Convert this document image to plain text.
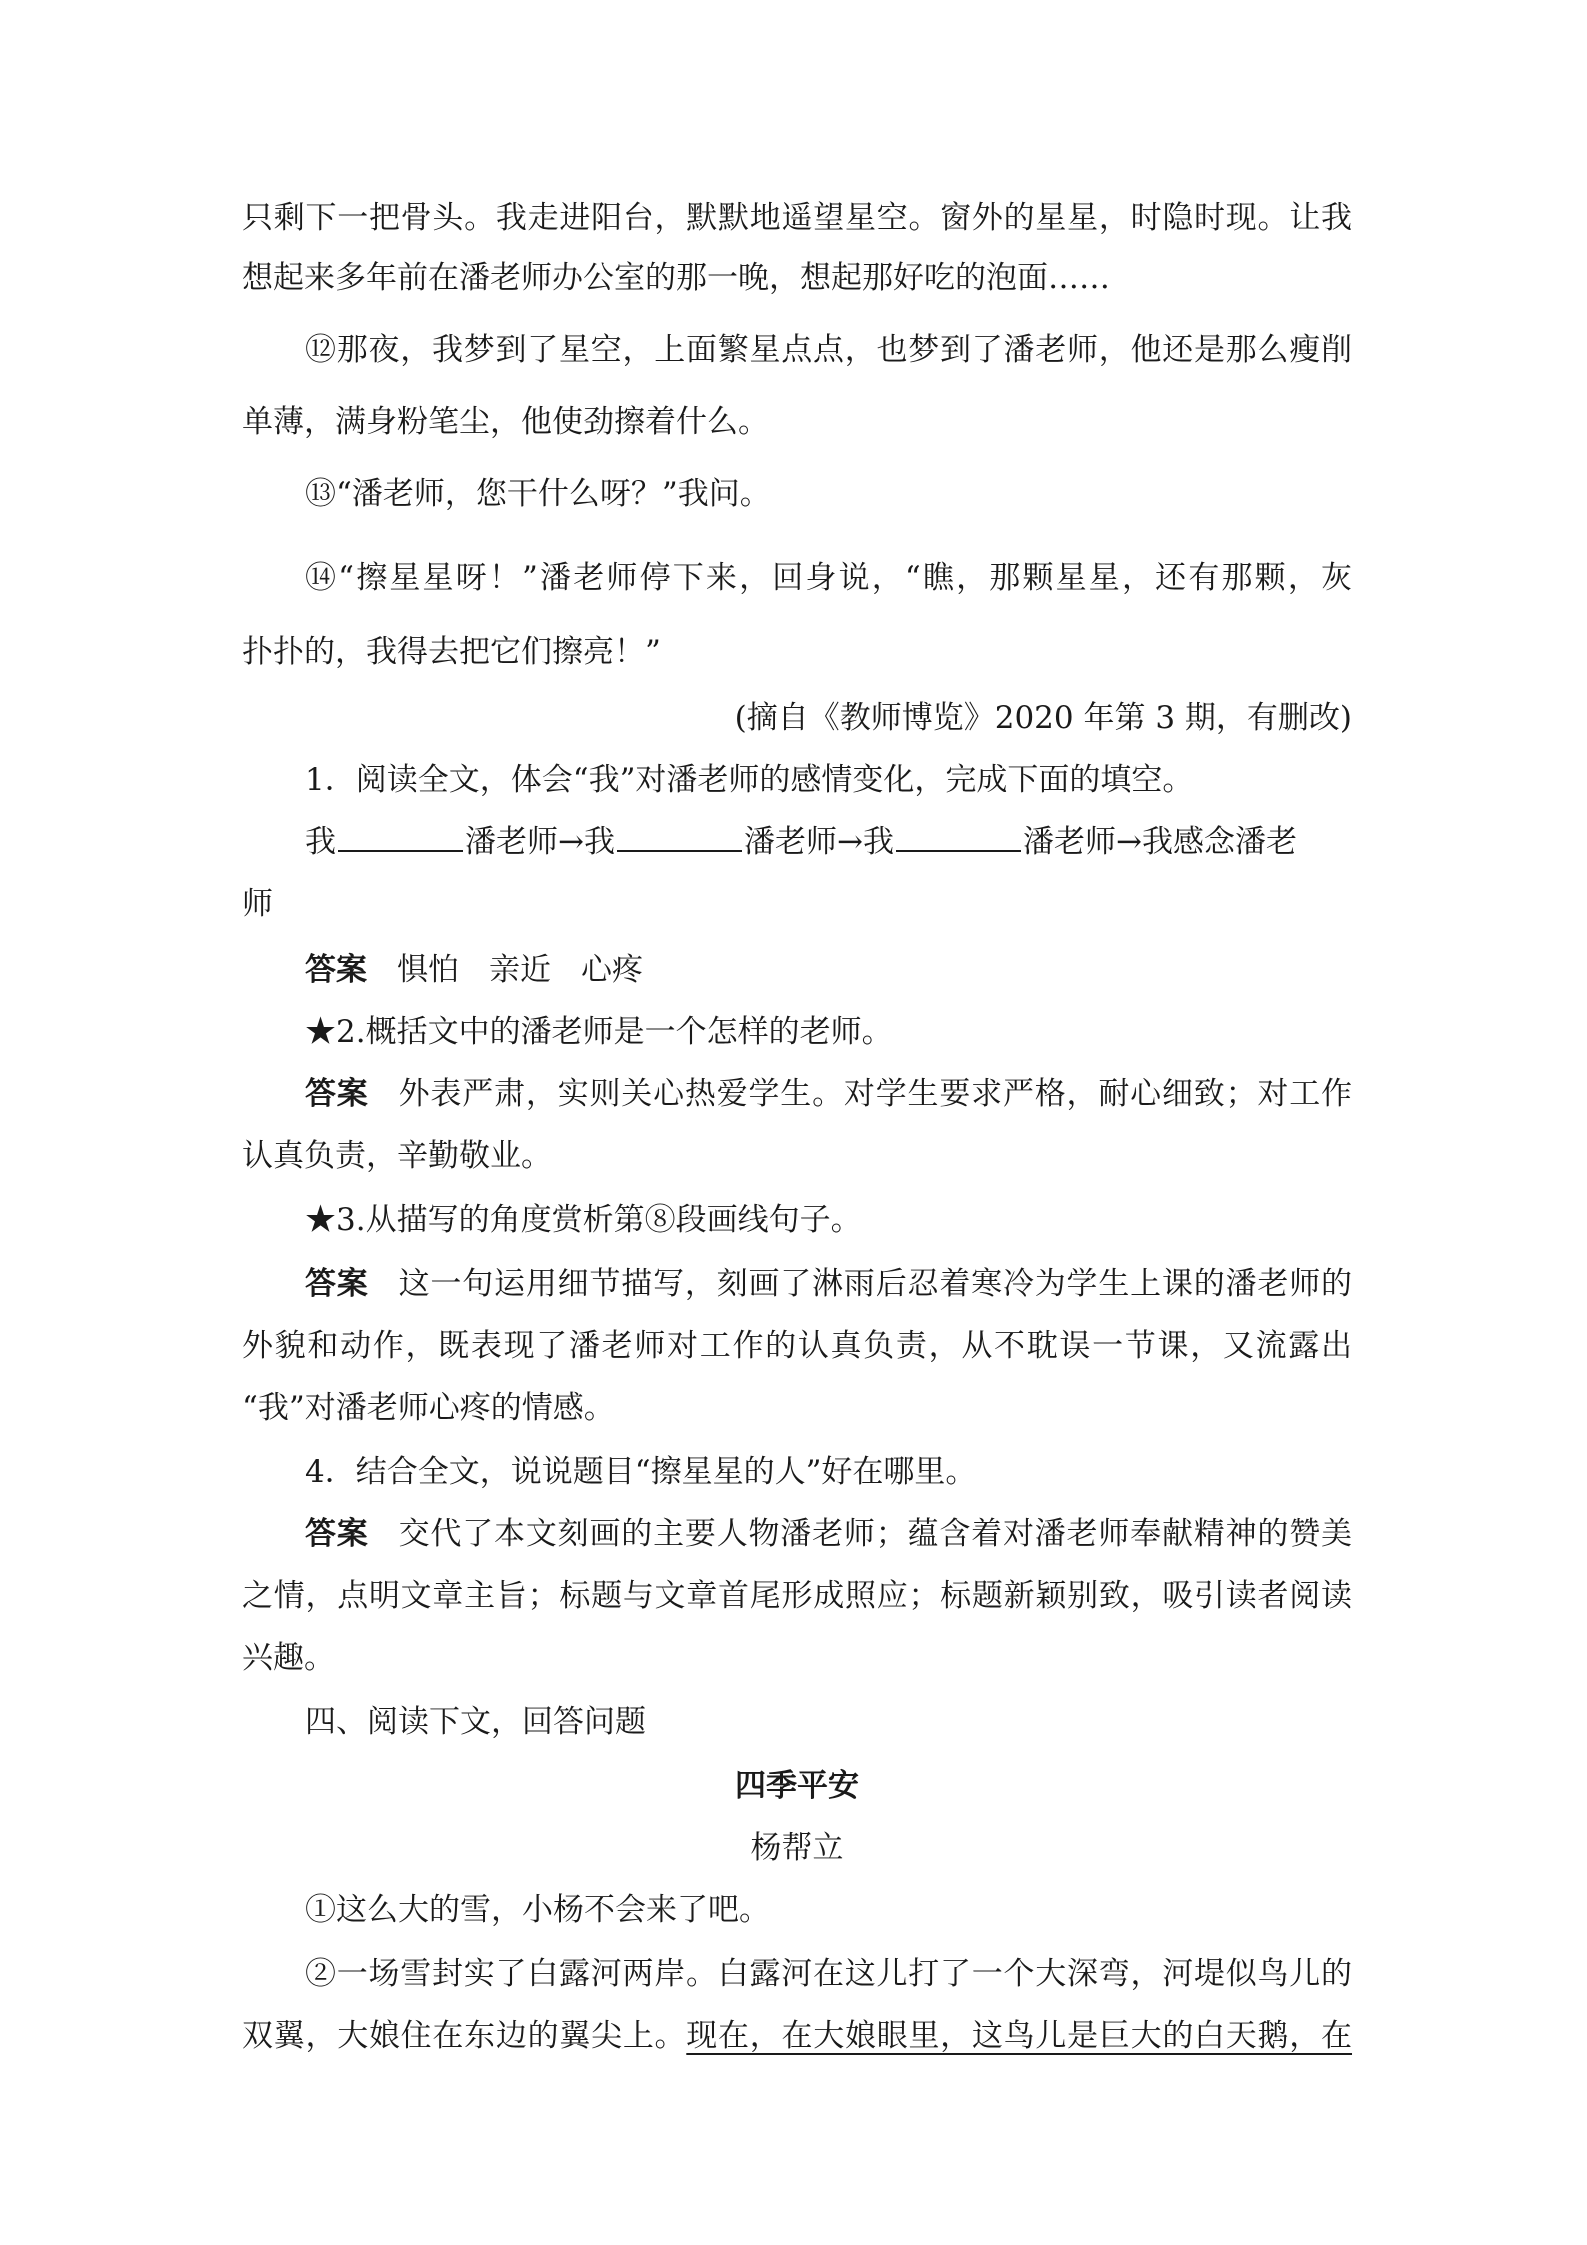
只剩下一把骨头。我走进阳台，默默地遥望星空。窗外的星星，时隐时现。让我
想起来多年前在潘老师办公室的那一晚，想起那好吃的泡面……
⑫那夜，我梦到了星空，上面繁星点点，也梦到了潘老师，他还是那么瘦削
单薄，满身粉笔尘，他使劲擦着什么。
⑬“潘老师，您干什么呀？”我问。
⑭“擦星星呀！”潘老师停下来，回身说，“瞧，那颗星星，还有那颗，灰
扑扑的，我得去把它们擦亮！”
(摘自《教师博览》2020 年第 3 期，有删改)
1．阅读全文，体会“我”对潘老师的感情变化，完成下面的填空。
我	潘老师→我	潘老师→我	潘老师→我感念潘老
师
答案 惧怕 亲近 心疼
★2.概括文中的潘老师是一个怎样的老师。
答案 外表严肃，实则关心热爱学生。对学生要求严格，耐心细致；对工作
认真负责，辛勤敬业。
★3.从描写的角度赏析第⑧段画线句子。
答案 这一句运用细节描写，刻画了淋雨后忍着寒冷为学生上课的潘老师的
外貌和动作，既表现了潘老师对工作的认真负责，从不耽误一节课，又流露出
“我”对潘老师心疼的情感。
4．结合全文，说说题目“擦星星的人”好在哪里。
答案 交代了本文刻画的主要人物潘老师；蕴含着对潘老师奉献精神的赞美
之情，点明文章主旨；标题与文章首尾形成照应；标题新颖别致，吸引读者阅读
兴趣。
四、阅读下文，回答问题
四季平安
杨帮立
①这么大的雪，小杨不会来了吧。
②一场雪封实了白露河两岸。白露河在这儿打了一个大深弯，河堤似鸟儿的
双翼，大娘住在东边的翼尖上。现在，在大娘眼里，这鸟儿是巨大的白天鹅，在
